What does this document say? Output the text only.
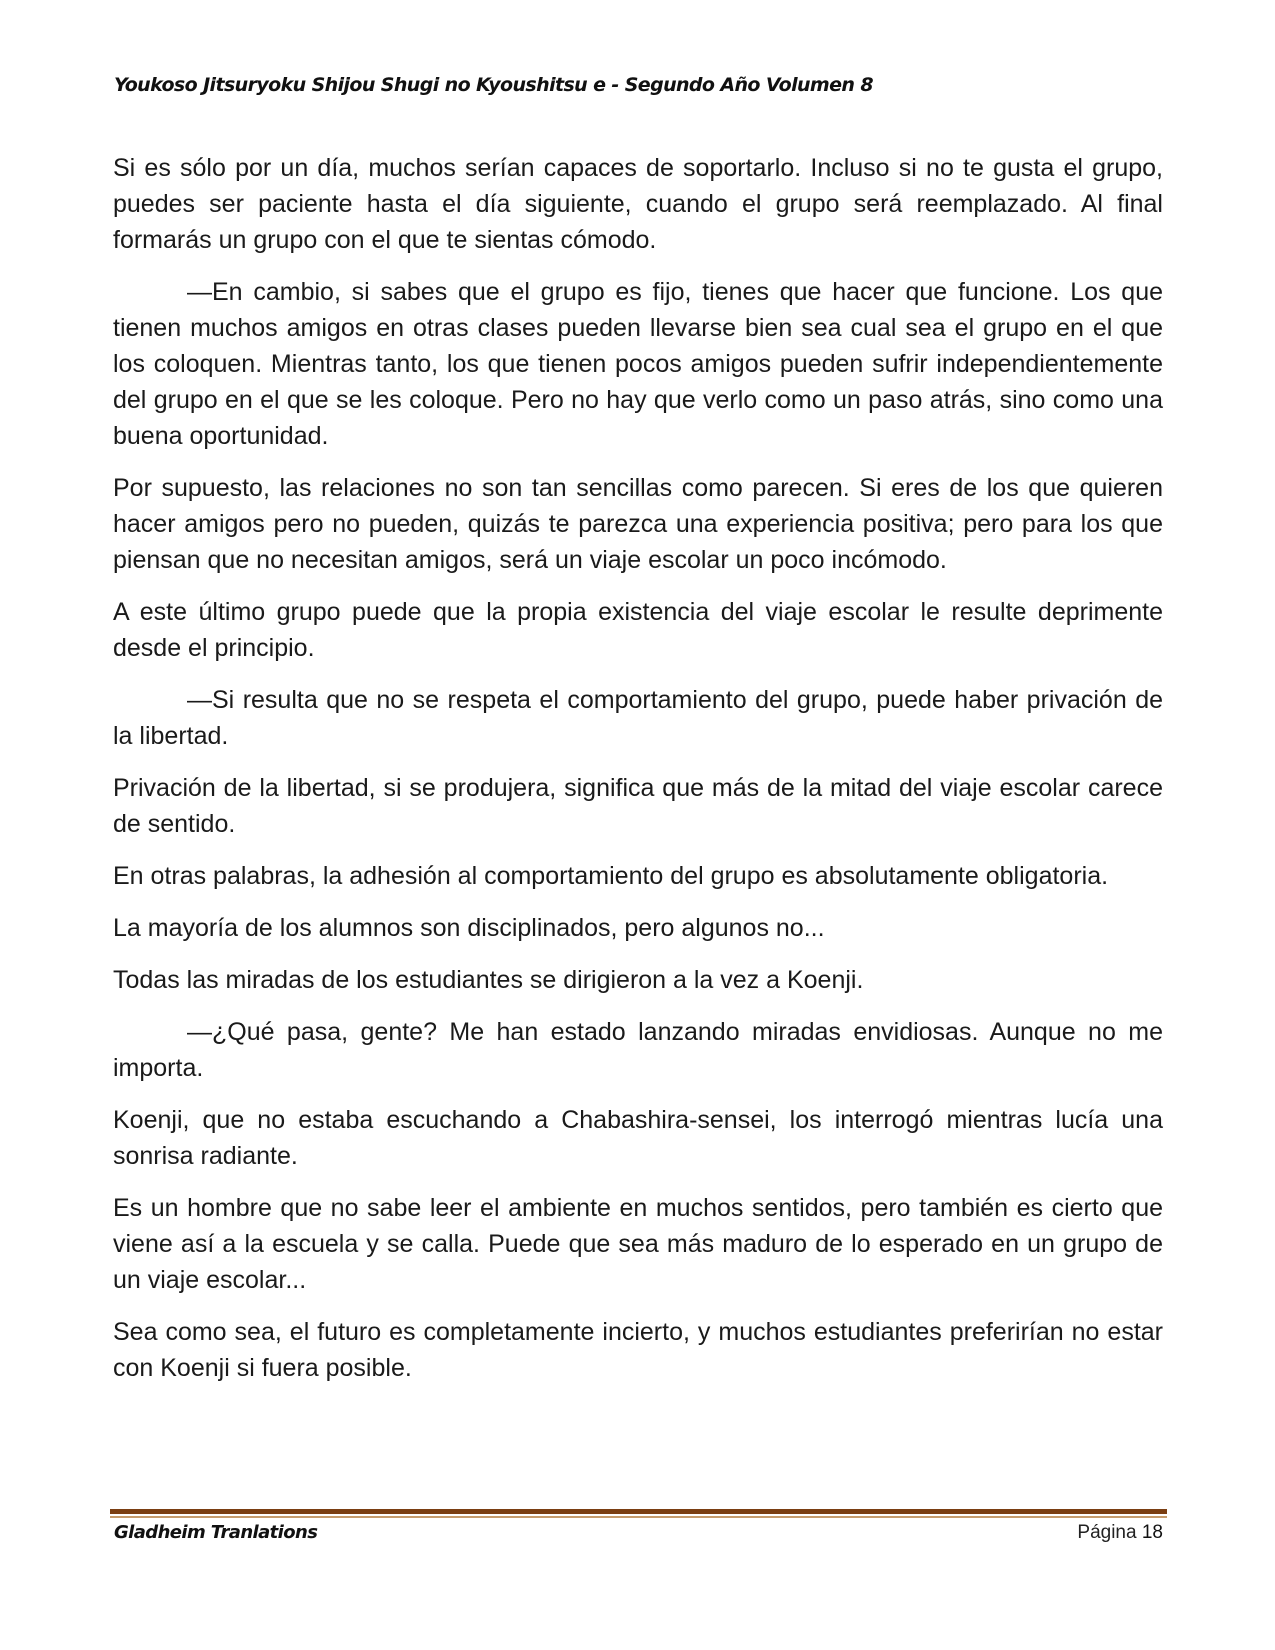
Youkoso Jitsuryoku Shijou Shugi no Kyoushitsu e - Segundo Año Volumen 8

Si es sólo por un día, muchos serían capaces de soportarlo. Incluso si no te gusta el grupo, puedes ser paciente hasta el día siguiente, cuando el grupo será reemplazado. Al final formarás un grupo con el que te sientas cómodo.

—En cambio, si sabes que el grupo es fijo, tienes que hacer que funcione. Los que tienen muchos amigos en otras clases pueden llevarse bien sea cual sea el grupo en el que los coloquen. Mientras tanto, los que tienen pocos amigos pueden sufrir independientemente del grupo en el que se les coloque. Pero no hay que verlo como un paso atrás, sino como una buena oportunidad.

Por supuesto, las relaciones no son tan sencillas como parecen. Si eres de los que quieren hacer amigos pero no pueden, quizás te parezca una experiencia positiva; pero para los que piensan que no necesitan amigos, será un viaje escolar un poco incómodo.

A este último grupo puede que la propia existencia del viaje escolar le resulte deprimente desde el principio.

—Si resulta que no se respeta el comportamiento del grupo, puede haber privación de la libertad.

Privación de la libertad, si se produjera, significa que más de la mitad del viaje escolar carece de sentido.

En otras palabras, la adhesión al comportamiento del grupo es absolutamente obligatoria.

La mayoría de los alumnos son disciplinados, pero algunos no...

Todas las miradas de los estudiantes se dirigieron a la vez a Koenji.

—¿Qué pasa, gente? Me han estado lanzando miradas envidiosas. Aunque no me importa.

Koenji, que no estaba escuchando a Chabashira-sensei, los interrogó mientras lucía una sonrisa radiante.

Es un hombre que no sabe leer el ambiente en muchos sentidos, pero también es cierto que viene así a la escuela y se calla. Puede que sea más maduro de lo esperado en un grupo de un viaje escolar...

Sea como sea, el futuro es completamente incierto, y muchos estudiantes preferirían no estar con Koenji si fuera posible.

Gladheim Tranlations	Página 18
